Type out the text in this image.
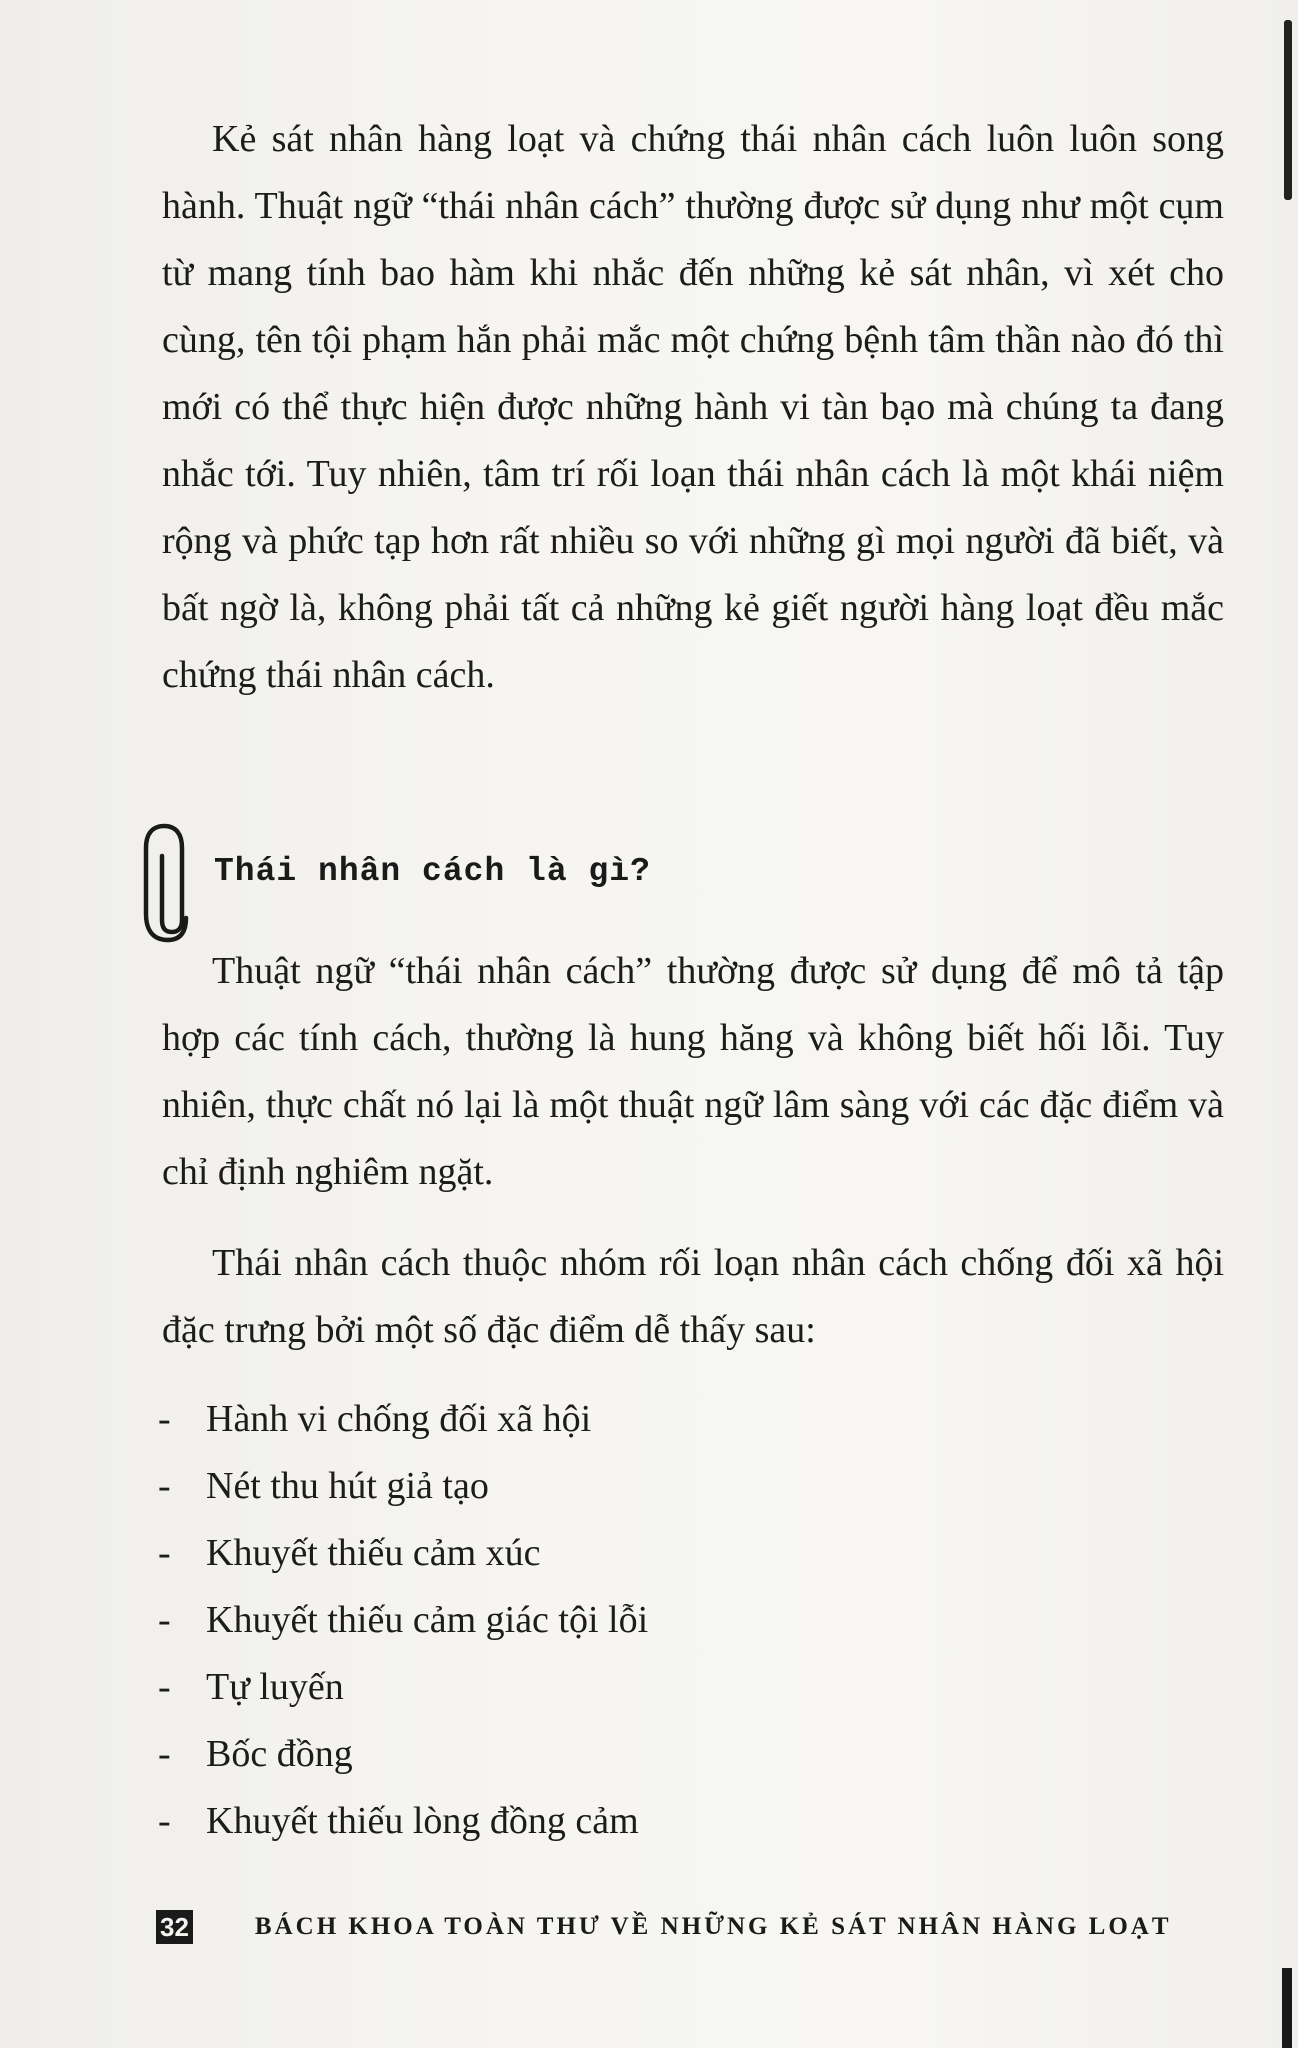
Kẻ sát nhân hàng loạt và chứng thái nhân cách luôn luôn song hành. Thuật ngữ “thái nhân cách” thường được sử dụng như một cụm từ mang tính bao hàm khi nhắc đến những kẻ sát nhân, vì xét cho cùng, tên tội phạm hắn phải mắc một chứng bệnh tâm thần nào đó thì mới có thể thực hiện được những hành vi tàn bạo mà chúng ta đang nhắc tới. Tuy nhiên, tâm trí rối loạn thái nhân cách là một khái niệm rộng và phức tạp hơn rất nhiều so với những gì mọi người đã biết, và bất ngờ là, không phải tất cả những kẻ giết người hàng loạt đều mắc chứng thái nhân cách.

Thái nhân cách là gì?

Thuật ngữ “thái nhân cách” thường được sử dụng để mô tả tập hợp các tính cách, thường là hung hăng và không biết hối lỗi. Tuy nhiên, thực chất nó lại là một thuật ngữ lâm sàng với các đặc điểm và chỉ định nghiêm ngặt.

Thái nhân cách thuộc nhóm rối loạn nhân cách chống đối xã hội đặc trưng bởi một số đặc điểm dễ thấy sau:

- Hành vi chống đối xã hội
- Nét thu hút giả tạo
- Khuyết thiếu cảm xúc
- Khuyết thiếu cảm giác tội lỗi
- Tự luyến
- Bốc đồng
- Khuyết thiếu lòng đồng cảm
32	BÁCH KHOA TOÀN THƯ VỀ NHỮNG KẺ SÁT NHÂN HÀNG LOẠT
